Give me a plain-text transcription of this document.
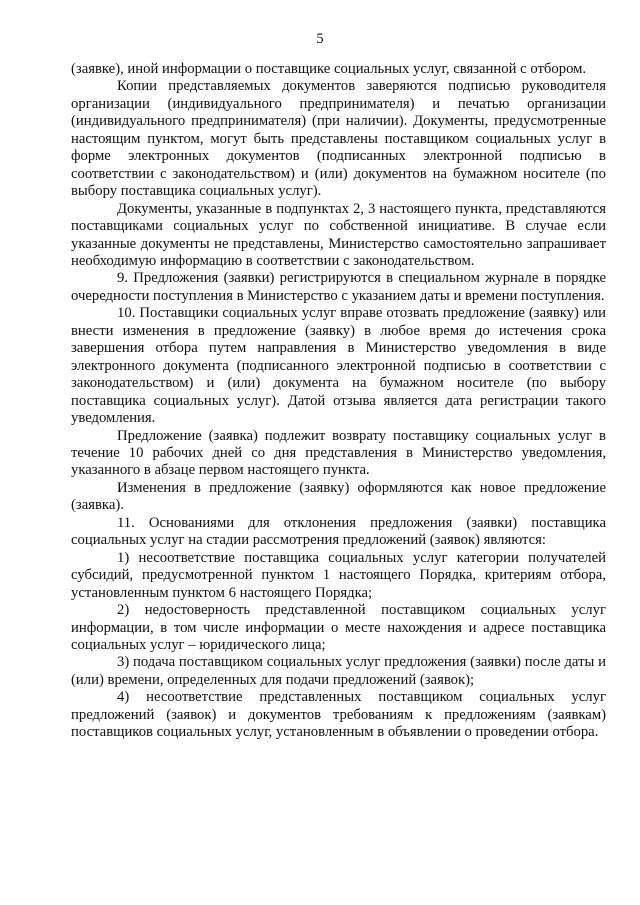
5

(заявке), иной информации о поставщике социальных услуг, связанной с отбором.

Копии представляемых документов заверяются подписью руководителя организации (индивидуального предпринимателя) и печатью организации (индивидуального предпринимателя) (при наличии). Документы, предусмотренные настоящим пунктом, могут быть представлены поставщиком социальных услуг в форме электронных документов (подписанных электронной подписью в соответствии с законодательством) и (или) документов на бумажном носителе (по выбору поставщика социальных услуг).

Документы, указанные в подпунктах 2, 3 настоящего пункта, представляются поставщиками социальных услуг по собственной инициативе. В случае если указанные документы не представлены, Министерство самостоятельно запрашивает необходимую информацию в соответствии с законодательством.

9. Предложения (заявки) регистрируются в специальном журнале в порядке очередности поступления в Министерство с указанием даты и времени поступления.

10. Поставщики социальных услуг вправе отозвать предложение (заявку) или внести изменения в предложение (заявку) в любое время до истечения срока завершения отбора путем направления в Министерство уведомления в виде электронного документа (подписанного электронной подписью в соответствии с законодательством) и (или) документа на бумажном носителе (по выбору поставщика социальных услуг). Датой отзыва является дата регистрации такого уведомления.

Предложение (заявка) подлежит возврату поставщику социальных услуг в течение 10 рабочих дней со дня представления в Министерство уведомления, указанного в абзаце первом настоящего пункта.

Изменения в предложение (заявку) оформляются как новое предложение (заявка).

11. Основаниями для отклонения предложения (заявки) поставщика социальных услуг на стадии рассмотрения предложений (заявок) являются:

1) несоответствие поставщика социальных услуг категории получателей субсидий, предусмотренной пунктом 1 настоящего Порядка, критериям отбора, установленным пунктом 6 настоящего Порядка;

2) недостоверность представленной поставщиком социальных услуг информации, в том числе информации о месте нахождения и адресе поставщика социальных услуг – юридического лица;

3) подача поставщиком социальных услуг предложения (заявки) после даты и (или) времени, определенных для подачи предложений (заявок);

4) несоответствие представленных поставщиком социальных услуг предложений (заявок) и документов требованиям к предложениям (заявкам) поставщиков социальных услуг, установленным в объявлении о проведении отбора.
